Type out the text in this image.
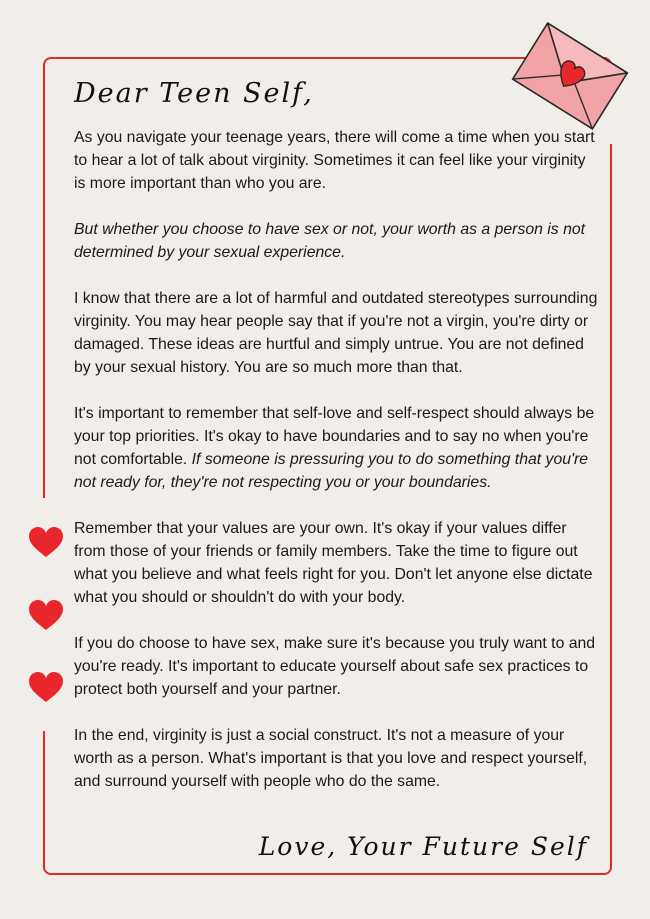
Dear Teen Self,

As you navigate your teenage years, there will come a time when you start to hear a lot of talk about virginity. Sometimes it can feel like your virginity is more important than who you are.

But whether you choose to have sex or not, your worth as a person is not determined by your sexual experience.

I know that there are a lot of harmful and outdated stereotypes surrounding virginity. You may hear people say that if you're not a virgin, you're dirty or damaged. These ideas are hurtful and simply untrue. You are not defined by your sexual history. You are so much more than that.

It's important to remember that self-love and self-respect should always be your top priorities. It's okay to have boundaries and to say no when you're not comfortable. If someone is pressuring you to do something that you're not ready for, they're not respecting you or your boundaries.

Remember that your values are your own. It's okay if your values differ from those of your friends or family members. Take the time to figure out what you believe and what feels right for you. Don't let anyone else dictate what you should or shouldn't do with your body.

If you do choose to have sex, make sure it's because you truly want to and you're ready. It's important to educate yourself about safe sex practices to protect both yourself and your partner.

In the end, virginity is just a social construct. It's not a measure of your worth as a person. What's important is that you love and respect yourself, and surround yourself with people who do the same.

Love, Your Future Self
